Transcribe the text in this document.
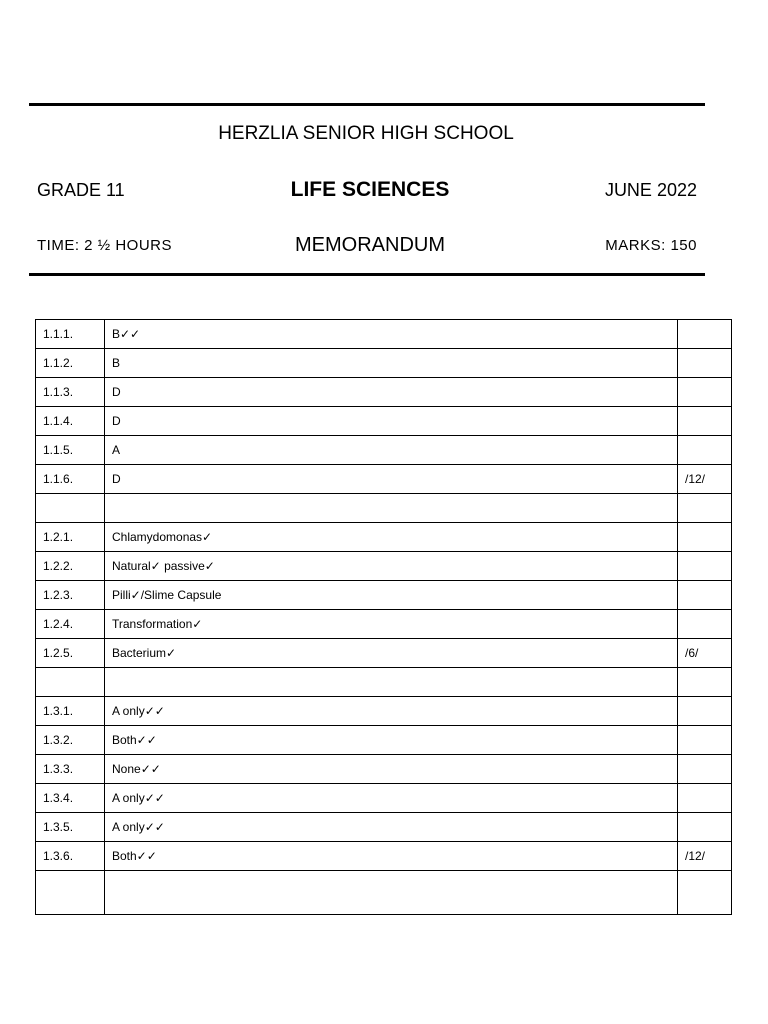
HERZLIA SENIOR HIGH SCHOOL
GRADE 11	LIFE SCIENCES	JUNE 2022
TIME: 2 ½ HOURS	MEMORANDUM	MARKS: 150
1.1.1.	B✓✓	
1.1.2.	B	
1.1.3.	D	
1.1.4.	D	
1.1.5.	A	
1.1.6.	D	/12/

1.2.1.	Chlamydomonas✓	
1.2.2.	Natural✓ passive✓	
1.2.3.	Pilli✓/Slime Capsule	
1.2.4.	Transformation✓	
1.2.5.	Bacterium✓	/6/

1.3.1.	A only✓✓	
1.3.2.	Both✓✓	
1.3.3.	None✓✓	
1.3.4.	A only✓✓	
1.3.5.	A only✓✓	
1.3.6.	Both✓✓	/12/
